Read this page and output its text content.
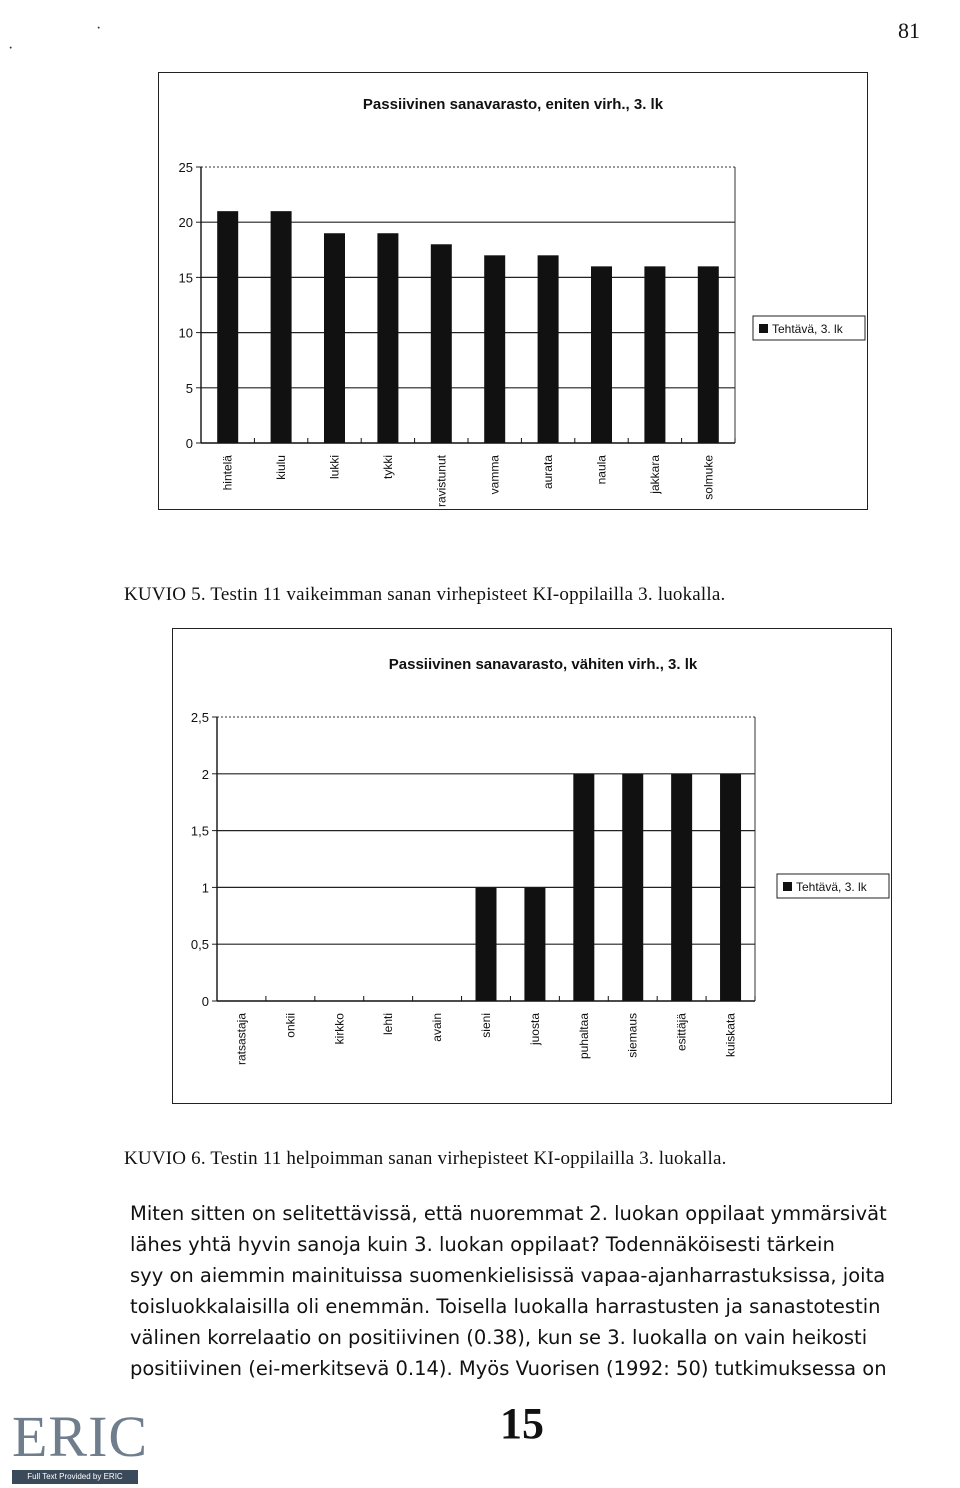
81
Passiivinen sanavarasto, eniten virh., 3. lk
0
5
10
15
20
25
hintelä	kiulu	lukki	tykki	ravistunut	vamma	aurata	naula	jakkara	solmuke
Tehtävä, 3. lk
KUVIO 5. Testin 11 vaikeimman sanan virhepisteet KI-oppilailla 3. luokalla.
Passiivinen sanavarasto, vähiten virh., 3. lk
0
0,5
1
1,5
2
2,5
ratsastaja	onkii	kirkko	lehti	avain	sieni	juosta	puhaltaa	siemaus	esittäjä	kuiskata
Tehtävä, 3. lk
KUVIO 6. Testin 11 helpoimman sanan virhepisteet KI-oppilailla 3. luokalla.

Miten sitten on selitettävissä, että nuoremmat 2. luokan oppilaat ymmärsivät

lähes yhtä hyvin sanoja kuin 3. luokan oppilaat? Todennäköisesti tärkein

syy on aiemmin mainituissa suomenkielisissä vapaa-ajanharrastuksissa, joita

toisluokkalaisilla oli enemmän. Toisella luokalla harrastusten ja sanastotestin

välinen korrelaatio on positiivinen (0.38), kun se 3. luokalla on vain heikosti

positiivinen (ei-merkitsevä 0.14). Myös Vuorisen (1992: 50) tutkimuksessa on

15
ERIC
Full Text Provided by ERIC
·
·
